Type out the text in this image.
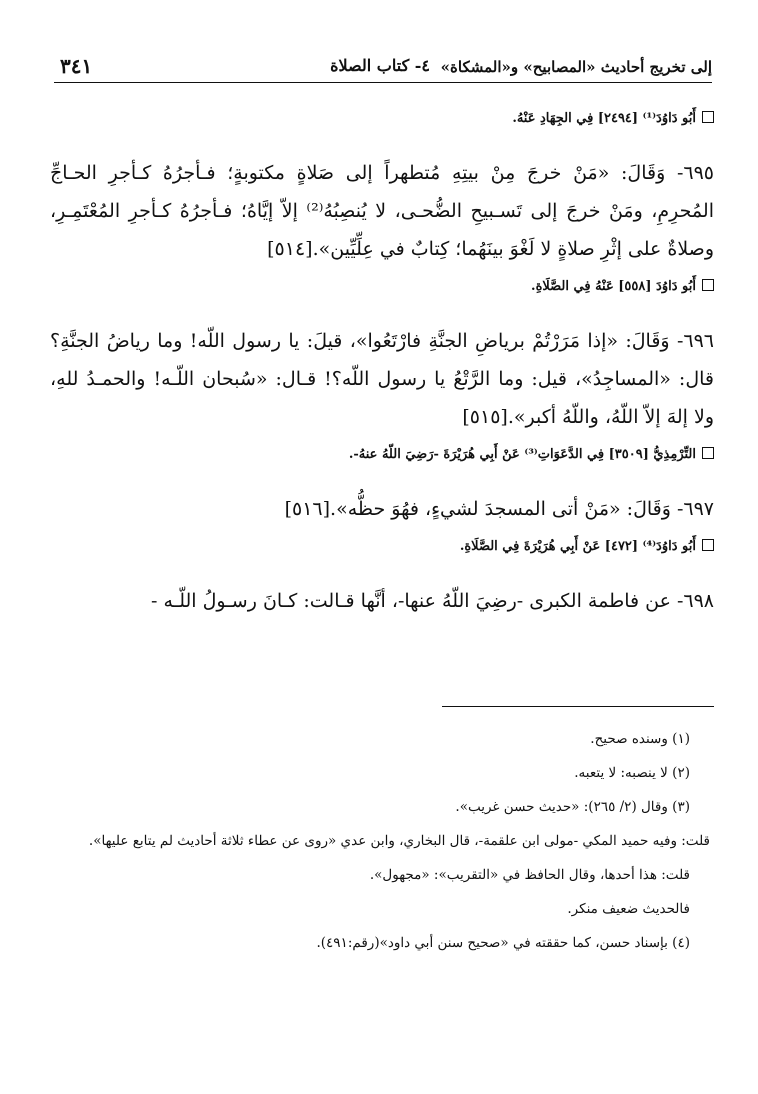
إلى تخريج أحاديث «المصابيح» و«المشكاة»
٤- كتاب الصلاة
٣٤١
أَبُو دَاوُدَ⁽¹⁾ [٢٤٩٤] فِي الجِهَادِ عَنْهُ.

٦٩٥- وَقَالَ: «مَنْ خرجَ مِنْ بيتِهِ مُتطهراً إلى صَلاةٍ مكتوبةٍ؛ فـأجرُهُ كـأجرِ الحـاجِّ المُحرِمِ، ومَنْ خرجَ إلى تَسـبيحِ الضُّحـى، لا يُنصِبُهُ⁽²⁾ إلاّ إيَّاهُ؛ فـأجرُهُ كـأجرِ المُعْتَمِـرِ، وصلاةٌ على إثْرِ صلاةٍ لا لَغْوَ بينَهُما؛ كِتابٌ في عِلِّيِّين».[٥١٤]

أَبُو دَاوُدَ [٥٥٨] عَنْهُ فِي الصَّلَاةِ.

٦٩٦- وَقَالَ: «إذا مَرَرْتُمْ برياضِ الجنَّةِ فارْتَعُوا»، قيلَ: يا رسول اللّه! وما رياضُ الجنَّةِ؟ قال: «المساجِدُ»، قيل: وما الرَّتْعُ يا رسول اللّه؟! قـال: «سُبحان اللّـه! والحمـدُ للهِ، ولا إلهَ إلاّ اللّهُ، واللّهُ أكبر».[٥١٥]

التِّرْمِذِيُّ [٣٥٠٩] فِي الدَّعَوَاتِ⁽³⁾ عَنْ أَبِي هُرَيْرَةَ -رَضِيَ اللّهُ عنهُ-.

٦٩٧- وَقَالَ: «مَنْ أتى المسجدَ لشيءٍ، فهُوَ حظُّه».[٥١٦]

أَبُو دَاوُدَ⁽⁴⁾ [٤٧٢] عَنْ أَبِي هُرَيْرَةَ فِي الصَّلَاةِ.

٦٩٨- عن فاطمة الكبرى -رضِيَ اللّهُ عنها-، أنَّها قـالت: كـانَ رسـولُ اللّـه -

(١) وسنده صحيح.

(٢) لا ينصبه: لا يتعبه.

(٣) وقال (٢/ ٢٦٥): «حديث حسن غريب».

قلت: وفيه حميد المكي -مولى ابن علقمة-، قال البخاري، وابن عدي «روى عن عطاء ثلاثة أحاديث لم يتابع عليها».

قلت: هذا أحدها، وقال الحافظ في «التقريب»: «مجهول».

فالحديث ضعيف منكر.

(٤) بإسناد حسن، كما حققته في «صحيح سنن أبي داود»(رقم:٤٩١).
